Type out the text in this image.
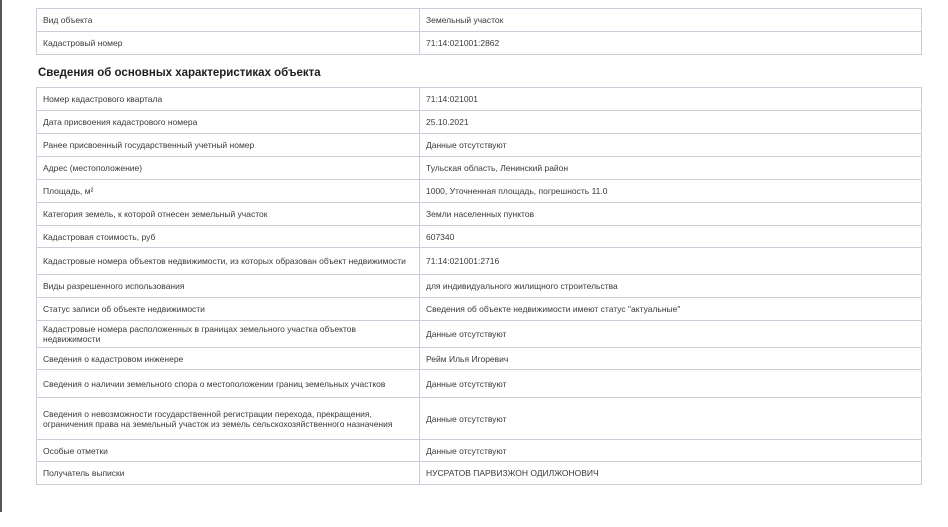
Вид объекта	Земельный участок
Кадастровый номер	71:14:021001:2862
Сведения об основных характеристиках объекта
Номер кадастрового квартала	71:14:021001
Дата присвоения кадастрового номера	25.10.2021
Ранее присвоенный государственный учетный номер	Данные отсутствуют
Адрес (местоположение)	Тульская область, Ленинский район
Площадь, м²	1000, Уточненная площадь, погрешность 11.0
Категория земель, к которой отнесен земельный участок	Земли населенных пунктов
Кадастровая стоимость, руб	607340
Кадастровые номера объектов недвижимости, из которых образован объект недвижимости	71:14:021001:2716
Виды разрешенного использования	для индивидуального жилищного строительства
Статус записи об объекте недвижимости	Сведения об объекте недвижимости имеют статус "актуальные"
Кадастровые номера расположенных в границах земельного участка объектов недвижимости	Данные отсутствуют
Сведения о кадастровом инженере	Рейм Илья Игоревич
Сведения о наличии земельного спора о местоположении границ земельных участков	Данные отсутствуют
Сведения о невозможности государственной регистрации перехода, прекращения, ограничения права на земельный участок из земель сельскохозяйственного назначения	Данные отсутствуют
Особые отметки	Данные отсутствуют
Получатель выписки	НУСРАТОВ ПАРВИЗЖОН ОДИЛЖОНОВИЧ
